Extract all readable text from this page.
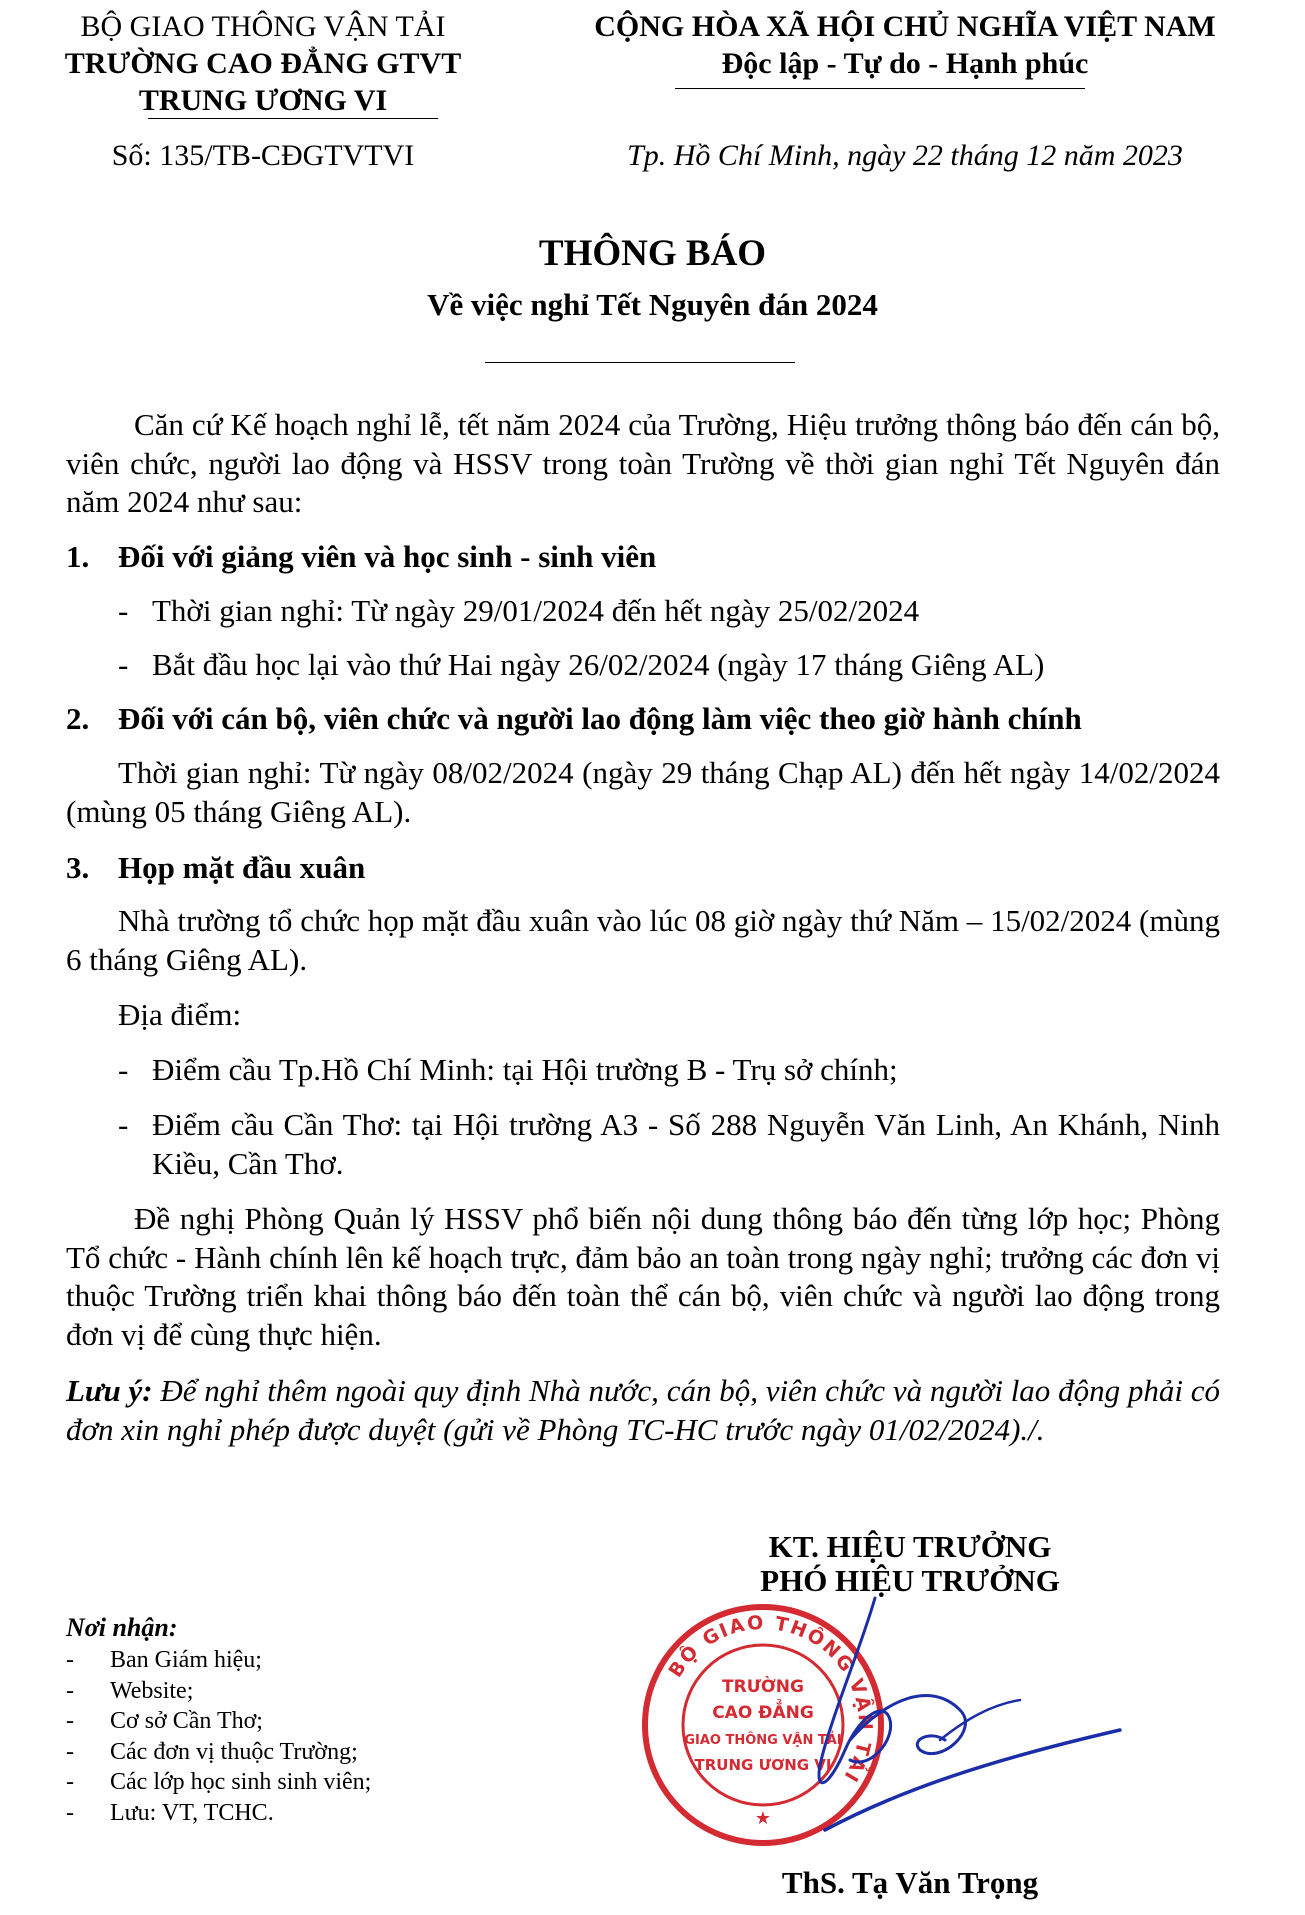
BỘ GIAO THÔNG VẬN TẢI
TRƯỜNG CAO ĐẲNG GTVT
TRUNG ƯƠNG VI
Số: 135/TB-CĐGTVTVI
CỘNG HÒA XÃ HỘI CHỦ NGHĨA VIỆT NAM
Độc lập - Tự do - Hạnh phúc
Tp. Hồ Chí Minh, ngày 22 tháng 12 năm 2023
THÔNG BÁO
Về việc nghỉ Tết Nguyên đán 2024
Căn cứ Kế hoạch nghỉ lễ, tết năm 2024 của Trường, Hiệu trưởng thông báo đến cán bộ, viên chức, người lao động và HSSV trong toàn Trường về thời gian nghỉ Tết Nguyên đán năm 2024 như sau:
1. Đối với giảng viên và học sinh - sinh viên
- Thời gian nghỉ: Từ ngày 29/01/2024 đến hết ngày 25/02/2024
- Bắt đầu học lại vào thứ Hai ngày 26/02/2024 (ngày 17 tháng Giêng AL)
2. Đối với cán bộ, viên chức và người lao động làm việc theo giờ hành chính
Thời gian nghỉ: Từ ngày 08/02/2024 (ngày 29 tháng Chạp AL) đến hết ngày 14/02/2024 (mùng 05 tháng Giêng AL).
3. Họp mặt đầu xuân
Nhà trường tổ chức họp mặt đầu xuân vào lúc 08 giờ ngày thứ Năm – 15/02/2024 (mùng 6 tháng Giêng AL).
Địa điểm:
- Điểm cầu Tp.Hồ Chí Minh: tại Hội trường B - Trụ sở chính;
- Điểm cầu Cần Thơ: tại Hội trường A3 - Số 288 Nguyễn Văn Linh, An Khánh, Ninh Kiều, Cần Thơ.
Đề nghị Phòng Quản lý HSSV phổ biến nội dung thông báo đến từng lớp học; Phòng Tổ chức - Hành chính lên kế hoạch trực, đảm bảo an toàn trong ngày nghỉ; trưởng các đơn vị thuộc Trường triển khai thông báo đến toàn thể cán bộ, viên chức và người lao động trong đơn vị để cùng thực hiện.
Lưu ý: Để nghỉ thêm ngoài quy định Nhà nước, cán bộ, viên chức và người lao động phải có đơn xin nghỉ phép được duyệt (gửi về Phòng TC-HC trước ngày 01/02/2024)./.
Nơi nhận:
- Ban Giám hiệu;
- Website;
- Cơ sở Cần Thơ;
- Các đơn vị thuộc Trường;
- Các lớp học sinh sinh viên;
- Lưu: VT, TCHC.
KT. HIỆU TRƯỞNG
PHÓ HIỆU TRƯỞNG
BỘ GIAO THÔNG VẬN TẢI
TRƯỜNG
CAO ĐẲNG
GIAO THÔNG VẬN TẢI
TRUNG ƯƠNG VI
★
ThS. Tạ Văn Trọng
